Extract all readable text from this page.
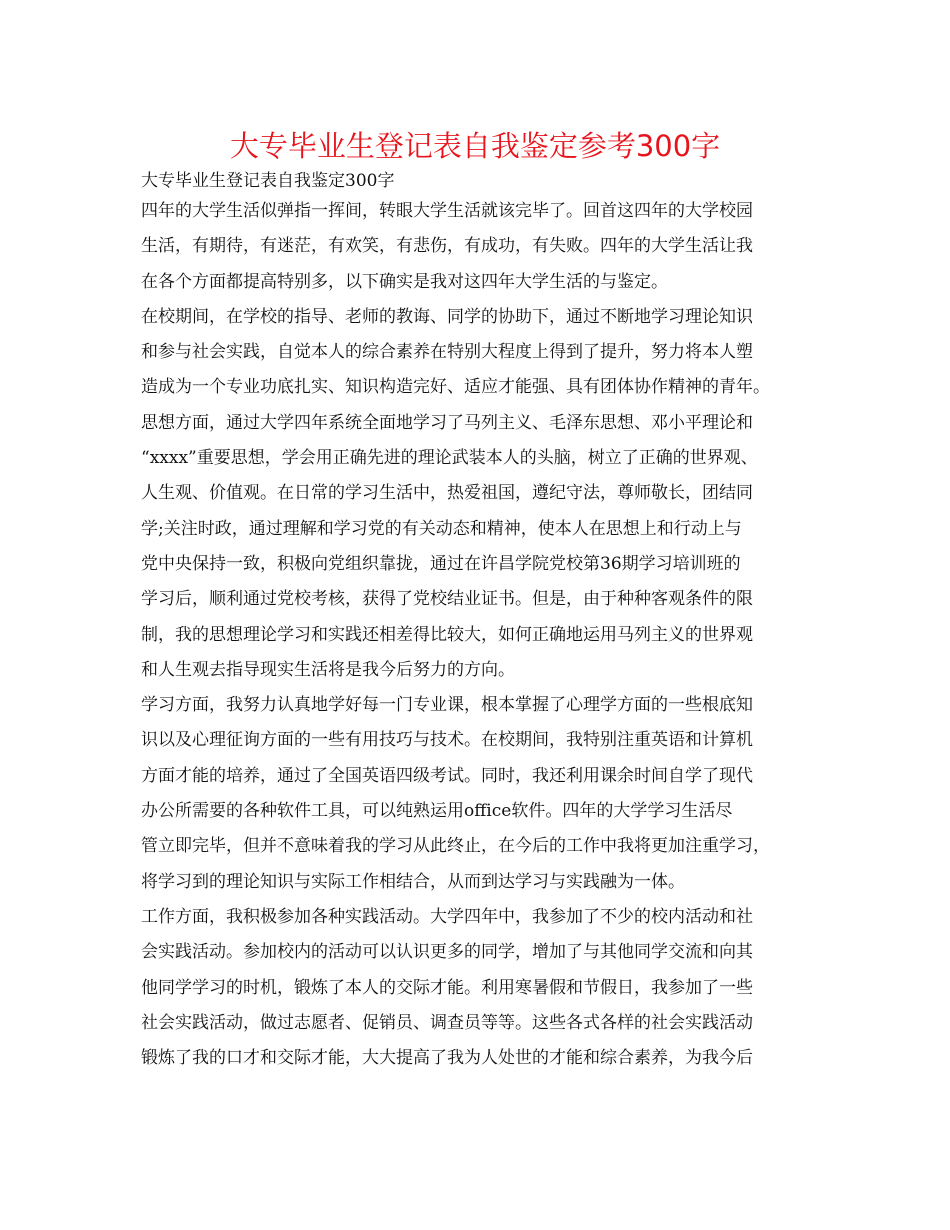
大专毕业生登记表自我鉴定参考300字

大专毕业生登记表自我鉴定300字

四年的大学生活似弹指一挥间，转眼大学生活就该完毕了。回首这四年的大学校园
生活，有期待，有迷茫，有欢笑，有悲伤，有成功，有失败。四年的大学生活让我
在各个方面都提高特别多，以下确实是我对这四年大学生活的与鉴定。

在校期间，在学校的指导、老师的教诲、同学的协助下，通过不断地学习理论知识
和参与社会实践，自觉本人的综合素养在特别大程度上得到了提升，努力将本人塑
造成为一个专业功底扎实、知识构造完好、适应才能强、具有团体协作精神的青年。

思想方面，通过大学四年系统全面地学习了马列主义、毛泽东思想、邓小平理论和
“xxxx”重要思想，学会用正确先进的理论武装本人的头脑，树立了正确的世界观、
人生观、价值观。在日常的学习生活中，热爱祖国，遵纪守法，尊师敬长，团结同
学;关注时政，通过理解和学习党的有关动态和精神，使本人在思想上和行动上与
党中央保持一致，积极向党组织靠拢，通过在许昌学院党校第36期学习培训班的
学习后，顺利通过党校考核，获得了党校结业证书。但是，由于种种客观条件的限
制，我的思想理论学习和实践还相差得比较大，如何正确地运用马列主义的世界观
和人生观去指导现实生活将是我今后努力的方向。

学习方面，我努力认真地学好每一门专业课，根本掌握了心理学方面的一些根底知
识以及心理征询方面的一些有用技巧与技术。在校期间，我特别注重英语和计算机
方面才能的培养，通过了全国英语四级考试。同时，我还利用课余时间自学了现代
办公所需要的各种软件工具，可以纯熟运用office软件。四年的大学学习生活尽
管立即完毕，但并不意味着我的学习从此终止，在今后的工作中我将更加注重学习，
将学习到的理论知识与实际工作相结合，从而到达学习与实践融为一体。

工作方面，我积极参加各种实践活动。大学四年中，我参加了不少的校内活动和社
会实践活动。参加校内的活动可以认识更多的同学，增加了与其他同学交流和向其
他同学学习的时机，锻炼了本人的交际才能。利用寒暑假和节假日，我参加了一些
社会实践活动，做过志愿者、促销员、调查员等等。这些各式各样的社会实践活动
锻炼了我的口才和交际才能，大大提高了我为人处世的才能和综合素养，为我今后
